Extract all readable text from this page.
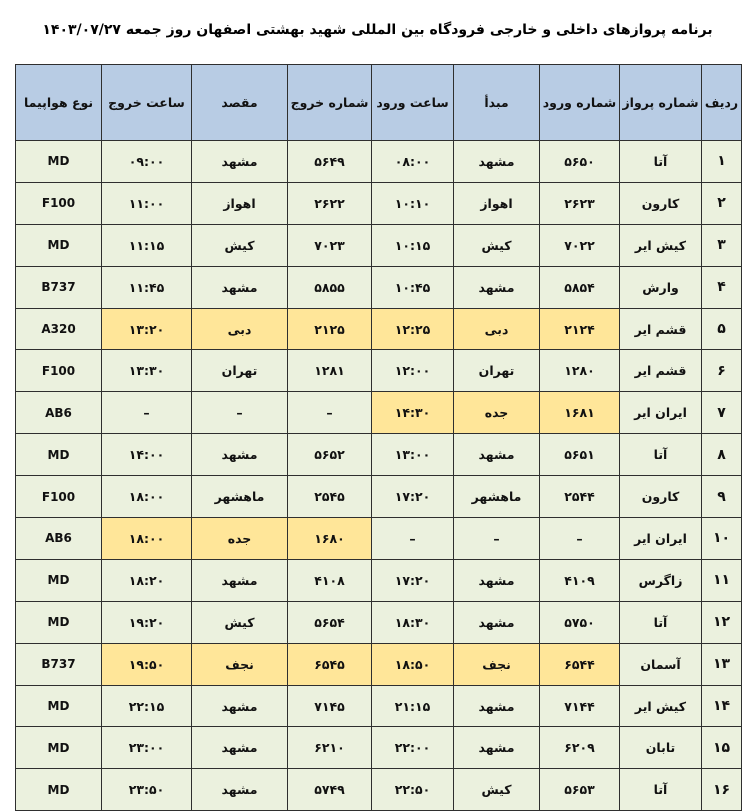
برنامه پروازهای داخلی و خارجی فرودگاه بین المللی شهید بهشتی اصفهان روز جمعه ۱۴۰۳/۰۷/۲۷
ردیف	شماره پرواز	شماره ورود	مبدأ	ساعت ورود	شماره خروج	مقصد	ساعت خروج	نوع هواپیما
۱	آتا	۵۶۵۰	مشهد	۰۸:۰۰	۵۶۴۹	مشهد	۰۹:۰۰	MD
۲	کارون	۲۶۲۳	اهواز	۱۰:۱۰	۲۶۲۲	اهواز	۱۱:۰۰	F100
۳	کیش ایر	۷۰۲۲	کیش	۱۰:۱۵	۷۰۲۳	کیش	۱۱:۱۵	MD
۴	وارش	۵۸۵۴	مشهد	۱۰:۴۵	۵۸۵۵	مشهد	۱۱:۴۵	B737
۵	قشم ایر	۲۱۲۴	دبی	۱۲:۲۵	۲۱۲۵	دبی	۱۳:۲۰	A320
۶	قشم ایر	۱۲۸۰	تهران	۱۲:۰۰	۱۲۸۱	تهران	۱۳:۳۰	F100
۷	ایران ایر	۱۶۸۱	جده	۱۴:۳۰	–	–	–	AB6
۸	آتا	۵۶۵۱	مشهد	۱۳:۰۰	۵۶۵۲	مشهد	۱۴:۰۰	MD
۹	کارون	۲۵۴۴	ماهشهر	۱۷:۲۰	۲۵۴۵	ماهشهر	۱۸:۰۰	F100
۱۰	ایران ایر	–	–	–	۱۶۸۰	جده	۱۸:۰۰	AB6
۱۱	زاگرس	۴۱۰۹	مشهد	۱۷:۲۰	۴۱۰۸	مشهد	۱۸:۲۰	MD
۱۲	آتا	۵۷۵۰	مشهد	۱۸:۳۰	۵۶۵۴	کیش	۱۹:۲۰	MD
۱۳	آسمان	۶۵۴۴	نجف	۱۸:۵۰	۶۵۴۵	نجف	۱۹:۵۰	B737
۱۴	کیش ایر	۷۱۴۴	مشهد	۲۱:۱۵	۷۱۴۵	مشهد	۲۲:۱۵	MD
۱۵	تابان	۶۲۰۹	مشهد	۲۲:۰۰	۶۲۱۰	مشهد	۲۳:۰۰	MD
۱۶	آتا	۵۶۵۳	کیش	۲۲:۵۰	۵۷۴۹	مشهد	۲۳:۵۰	MD
